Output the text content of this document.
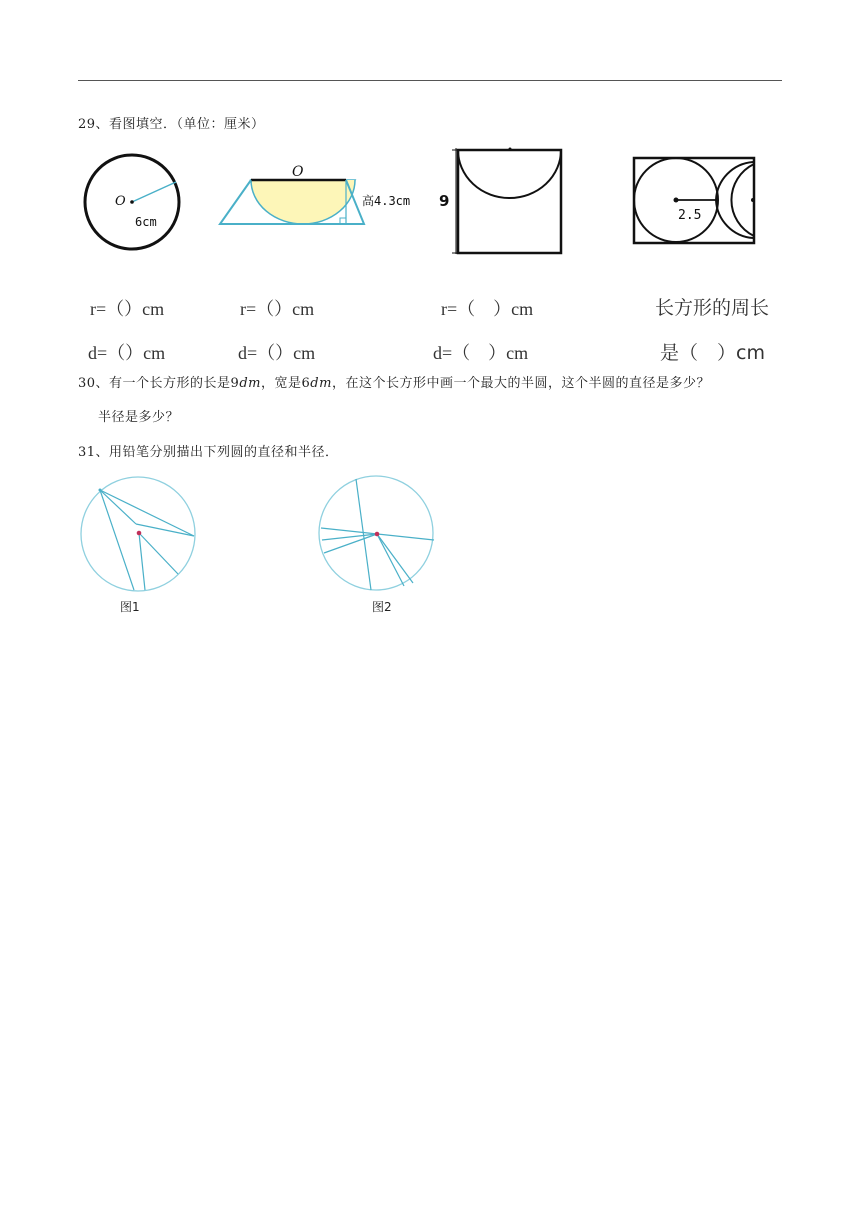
29、看图填空．（单位：厘米）
O
6cm
O
高4.3cm 9
2.5
r=（）cm
d=（）cm
r=（）cm
d=（）cm
r=（　）cm
d=（　）cm
长方形的周长
是（　）cm
30、有一个长方形的长是9dm，宽是6dm，在这个长方形中画一个最大的半圆，这个半圆的直径是多少？
半径是多少？
31、用铅笔分别描出下列圆的直径和半径．
图1	图2
